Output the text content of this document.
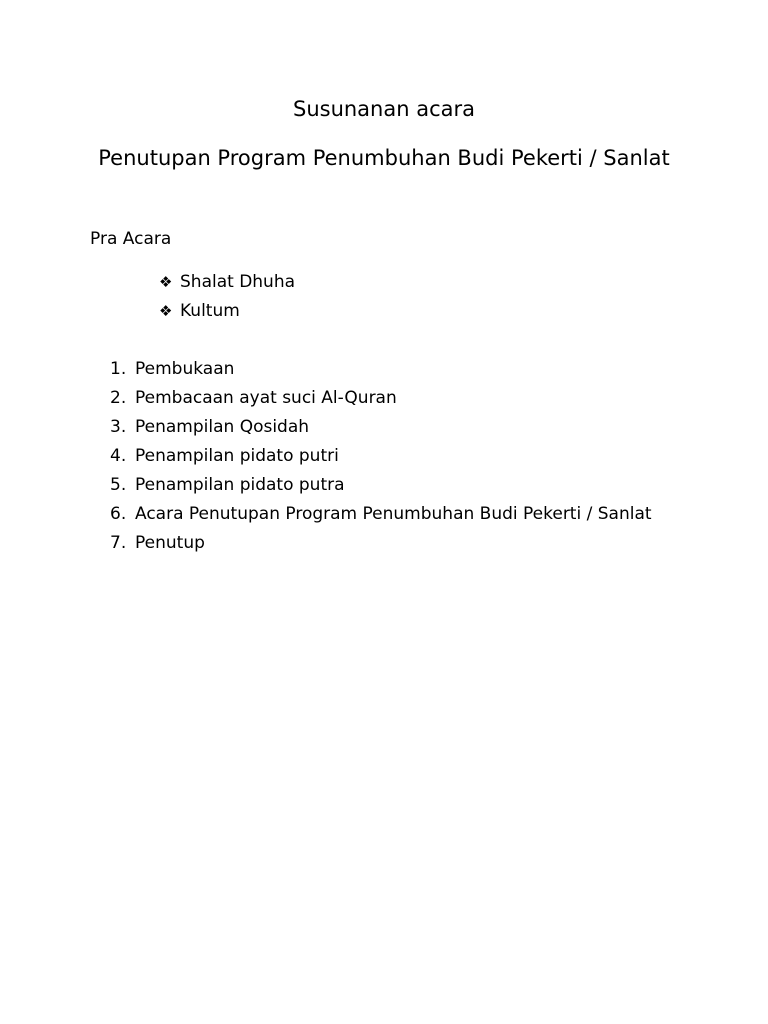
Susunanan acara
Penutupan Program Penumbuhan Budi Pekerti / Sanlat
Pra Acara
❖ Shalat Dhuha
❖ Kultum
1. Pembukaan
2. Pembacaan ayat suci Al-Quran
3. Penampilan Qosidah
4. Penampilan pidato putri
5. Penampilan pidato putra
6. Acara Penutupan Program Penumbuhan Budi Pekerti / Sanlat
7. Penutup
